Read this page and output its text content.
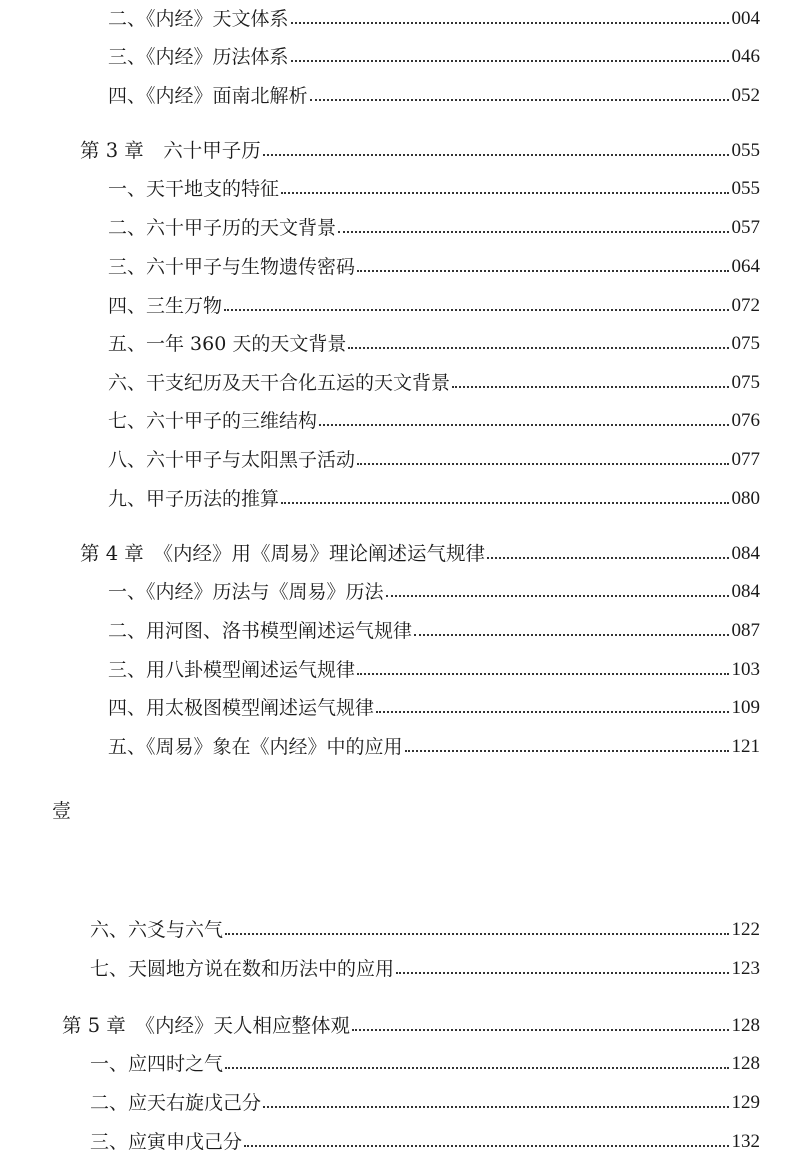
二、《内经》天文体系	004
三、《内经》历法体系	046
四、《内经》面南北解析	052
第 3 章　六十甲子历	055
一、天干地支的特征	055
二、六十甲子历的天文背景	057
三、六十甲子与生物遗传密码	064
四、三生万物	072
五、一年 360 天的天文背景	075
六、干支纪历及天干合化五运的天文背景	075
七、六十甲子的三维结构	076
八、六十甲子与太阳黑子活动	077
九、甲子历法的推算	080
第 4 章　《内经》用《周易》理论阐述运气规律	084
一、《内经》历法与《周易》历法	084
二、用河图、洛书模型阐述运气规律	087
三、用八卦模型阐述运气规律	103
四、用太极图模型阐述运气规律	109
五、《周易》象在《内经》中的应用	121
壹
六、六爻与六气	122
七、天圆地方说在数和历法中的应用	123
第 5 章　《内经》天人相应整体观	128
一、应四时之气	128
二、应天右旋戊己分	129
三、应寅申戊己分	132
